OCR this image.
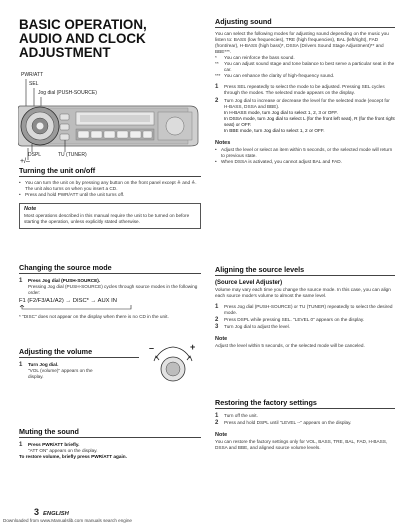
BASIC OPERATION,
AUDIO AND CLOCK
ADJUSTMENT
PWR/ATT
SEL
Jog dial (PUSH-SOURCE)
DSPL	TU (TUNER)
+/–
Turning the unit on/off
• You can turn the unit on by pressing any button on the front panel except ≜ and ≜. The unit also turns on when you insert a CD.
• Press and hold PWR/ATT until the unit turns off.
Note
Most operations described in this manual require the unit to be turned on before starting the operation, unless explicitly stated otherwise.
Changing the source mode
1	Press Jog dial (PUSH-SOURCE).
Pressing Jog dial (PUSH-SOURCE) cycles through source modes in the following order:
F1 (F2/F3/A1/A2) → DISC* → AUX IN
* "DISC" does not appear on the display when there is no CD in the unit.
Adjusting the volume
1	Turn Jog dial.
"VOL (volume)" appears on the display.
–	+
Muting the sound
1	Press PWR/ATT briefly.
"ATT ON" appears on the display.
To restore volume, briefly press PWR/ATT again.
3 ENGLISH
Downloaded from www.Manualslib.com manuals search engine
Adjusting sound
You can select the following modes for adjusting sound depending on the music you listen to: BASS (low frequencies), TRE (high frequencies), BAL (left/right), FAD (front/rear), H-BASS (high bass)*, DSSA (Drivers Sound Stage Adjustment)** and BBE***.
*	You can reinforce the bass sound.
**	You can adjust sound stage and tone balance to best serve a particular seat in the car.
*** You can enhance the clarity of high-frequency sound.
1	Press SEL repeatedly to select the mode to be adjusted. Pressing SEL cycles through the modes. The selected mode appears on the display.
2	Turn Jog dial to increase or decrease the level for the selected mode (except for H-BASS, DSSA and BBE).
In H-BASS mode, turn Jog dial to select 1, 2, 3 or OFF.
In DSSA mode, turn Jog dial to select L (for the front left seat), R (for the front right seat) or OFF.
In BBE mode, turn Jog dial to select 1, 2 or OFF.
Notes
• Adjust the level or select an item within 5 seconds, or the selected mode will return to previous state.
• When DSSA is activated, you cannot adjust BAL and FAD.
Aligning the source levels
(Source Level Adjuster)
Volume may vary each time you change the source mode. In this case, you can align each source mode's volume to almost the same level.
1	Press Jog dial (PUSH-SOURCE) or TU (TUNER) repeatedly to select the desired mode.
2	Press DSPL while pressing SEL. "LEVEL 0" appears on the display.
3	Turn Jog dial to adjust the level.
Note
Adjust the level within 5 seconds, or the selected mode will be canceled.
Restoring the factory settings
1	Turn off the unit.
2	Press and hold DSPL until "LEVEL --" appears on the display.
Note
You can restore the factory settings only for VOL, BASS, TRE, BAL, FAD, H-BASS, DSSA and BBE, and aligned source volume levels.
